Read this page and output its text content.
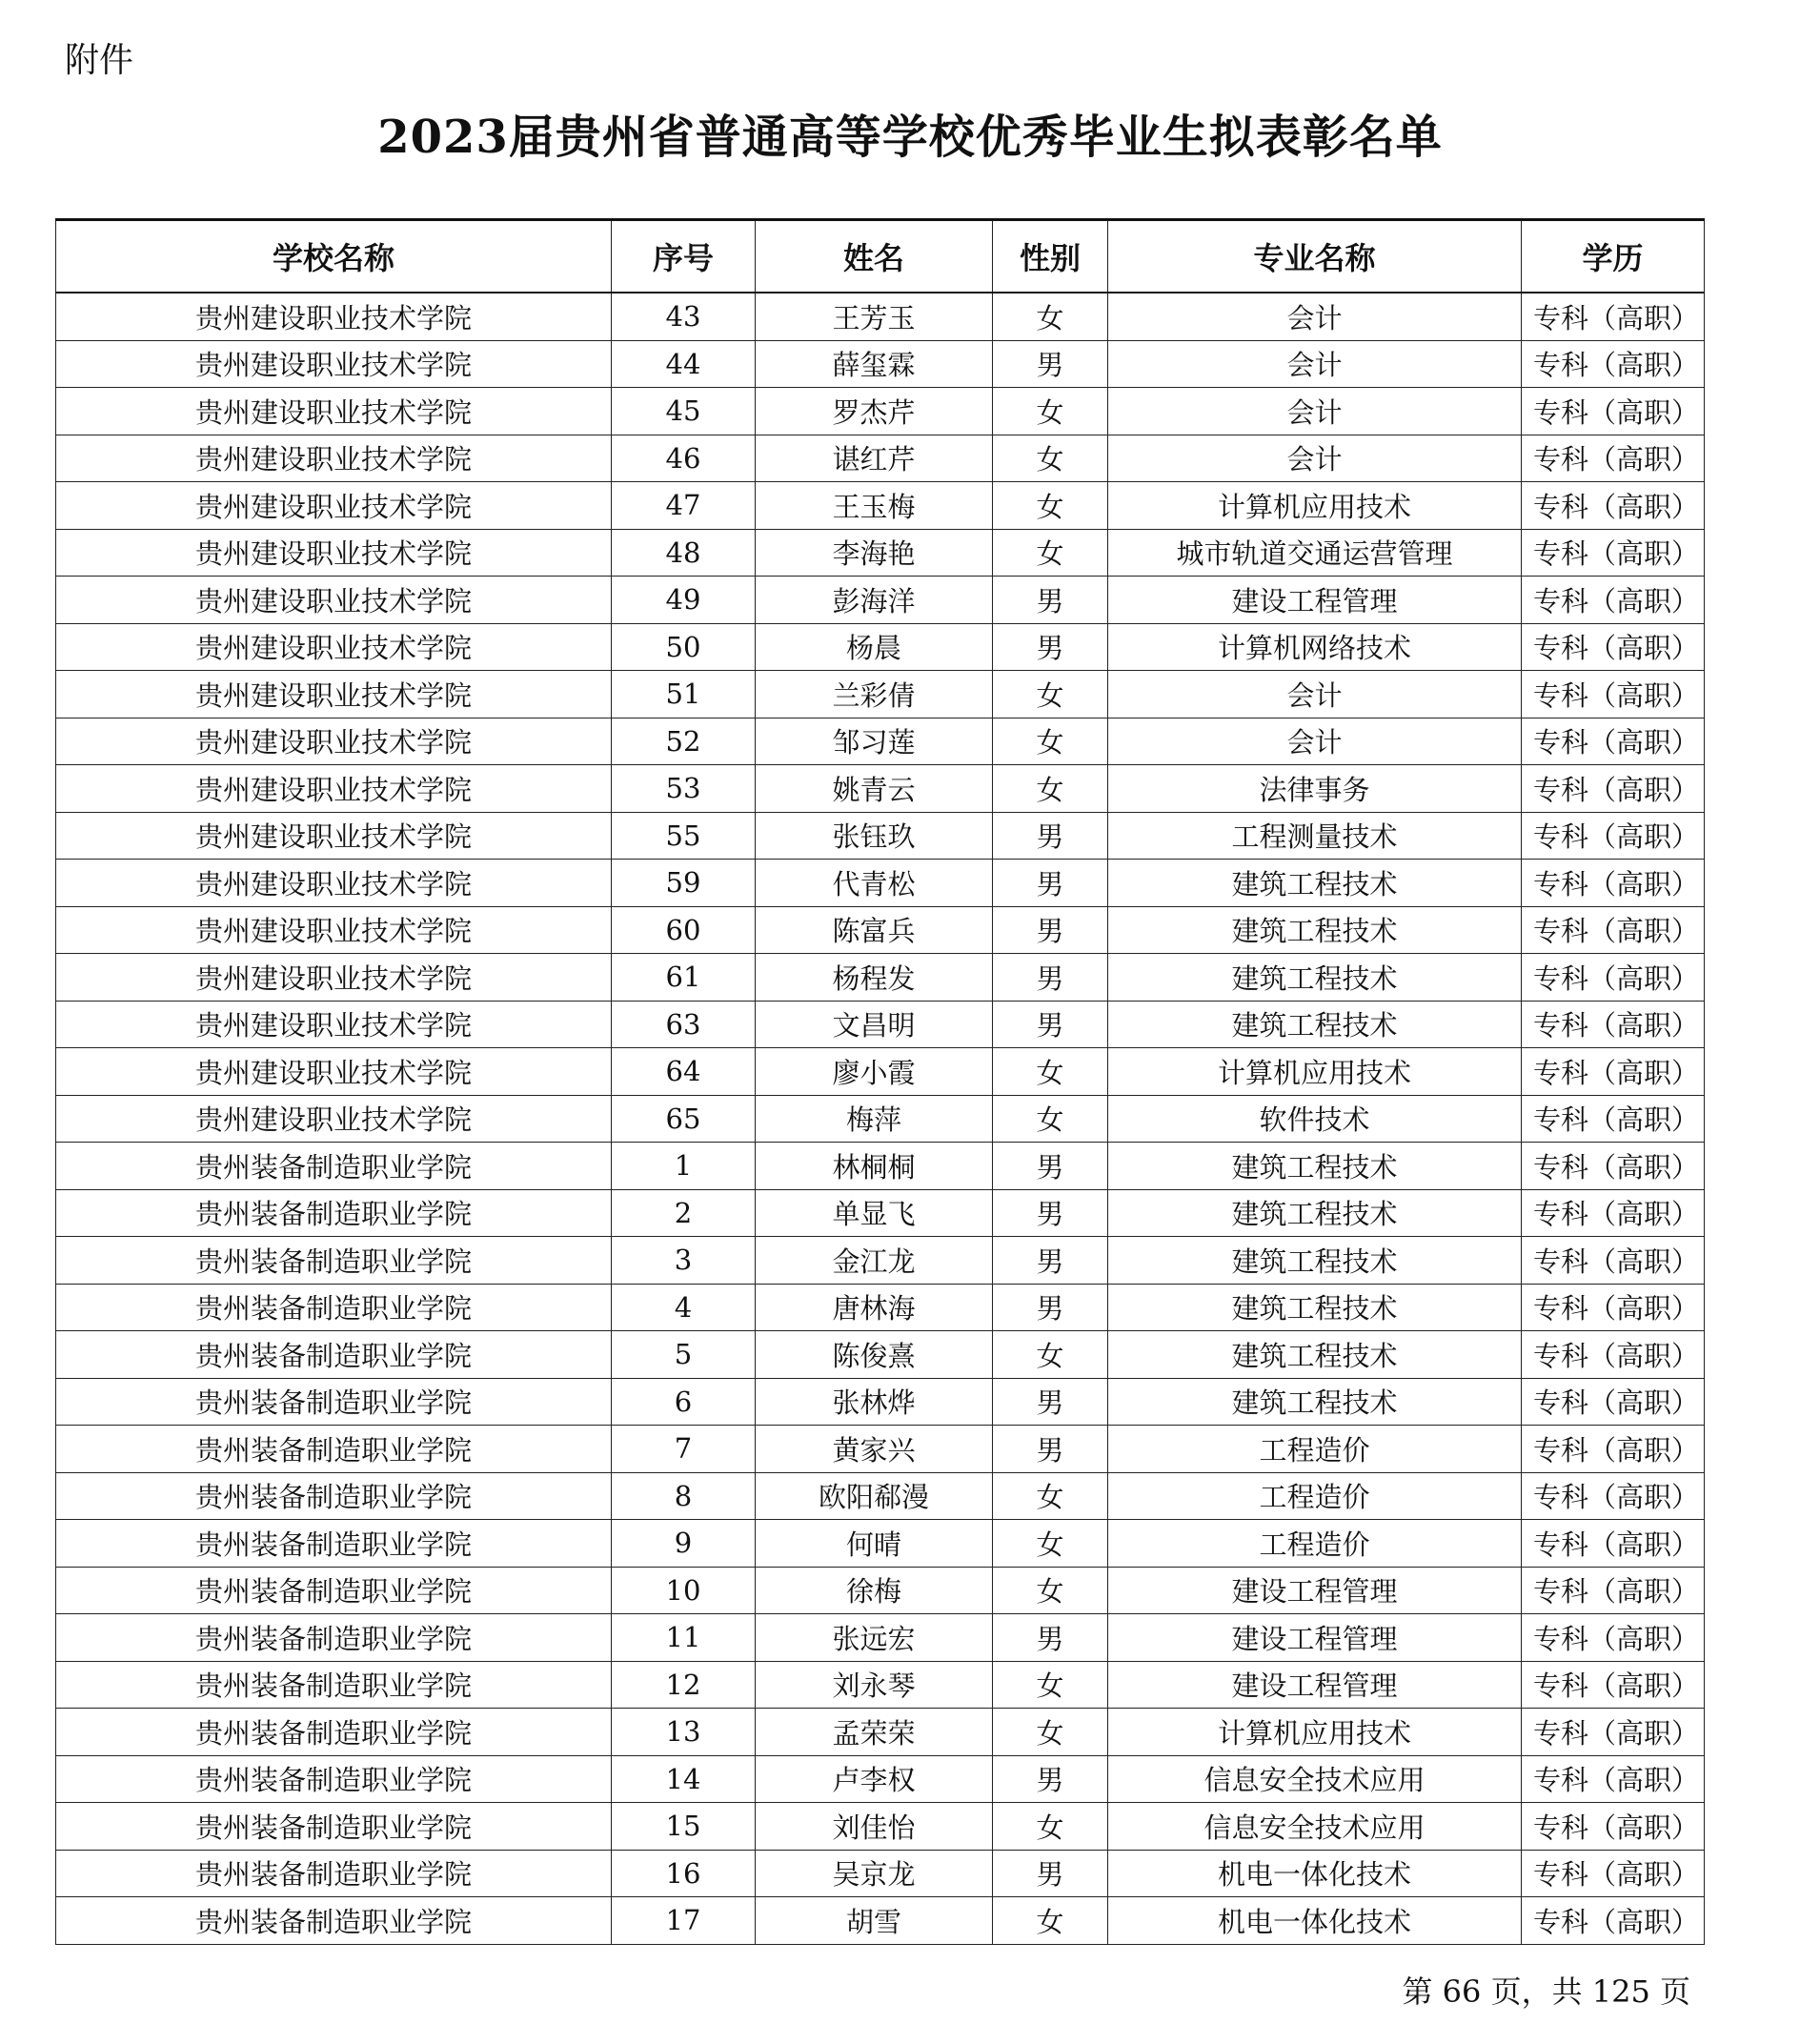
附件
2023届贵州省普通高等学校优秀毕业生拟表彰名单
学校名称	序号	姓名	性别	专业名称	学历
贵州建设职业技术学院	43	王芳玉	女	会计	专科（高职）
贵州建设职业技术学院	44	薛玺霖	男	会计	专科（高职）
贵州建设职业技术学院	45	罗杰芹	女	会计	专科（高职）
贵州建设职业技术学院	46	谌红芹	女	会计	专科（高职）
贵州建设职业技术学院	47	王玉梅	女	计算机应用技术	专科（高职）
贵州建设职业技术学院	48	李海艳	女	城市轨道交通运营管理	专科（高职）
贵州建设职业技术学院	49	彭海洋	男	建设工程管理	专科（高职）
贵州建设职业技术学院	50	杨晨	男	计算机网络技术	专科（高职）
贵州建设职业技术学院	51	兰彩倩	女	会计	专科（高职）
贵州建设职业技术学院	52	邹习莲	女	会计	专科（高职）
贵州建设职业技术学院	53	姚青云	女	法律事务	专科（高职）
贵州建设职业技术学院	55	张钰玖	男	工程测量技术	专科（高职）
贵州建设职业技术学院	59	代青松	男	建筑工程技术	专科（高职）
贵州建设职业技术学院	60	陈富兵	男	建筑工程技术	专科（高职）
贵州建设职业技术学院	61	杨程发	男	建筑工程技术	专科（高职）
贵州建设职业技术学院	63	文昌明	男	建筑工程技术	专科（高职）
贵州建设职业技术学院	64	廖小霞	女	计算机应用技术	专科（高职）
贵州建设职业技术学院	65	梅萍	女	软件技术	专科（高职）
贵州装备制造职业学院	1	林桐桐	男	建筑工程技术	专科（高职）
贵州装备制造职业学院	2	单显飞	男	建筑工程技术	专科（高职）
贵州装备制造职业学院	3	金江龙	男	建筑工程技术	专科（高职）
贵州装备制造职业学院	4	唐林海	男	建筑工程技术	专科（高职）
贵州装备制造职业学院	5	陈俊熹	女	建筑工程技术	专科（高职）
贵州装备制造职业学院	6	张林烨	男	建筑工程技术	专科（高职）
贵州装备制造职业学院	7	黄家兴	男	工程造价	专科（高职）
贵州装备制造职业学院	8	欧阳郗漫	女	工程造价	专科（高职）
贵州装备制造职业学院	9	何晴	女	工程造价	专科（高职）
贵州装备制造职业学院	10	徐梅	女	建设工程管理	专科（高职）
贵州装备制造职业学院	11	张远宏	男	建设工程管理	专科（高职）
贵州装备制造职业学院	12	刘永琴	女	建设工程管理	专科（高职）
贵州装备制造职业学院	13	孟荣荣	女	计算机应用技术	专科（高职）
贵州装备制造职业学院	14	卢李权	男	信息安全技术应用	专科（高职）
贵州装备制造职业学院	15	刘佳怡	女	信息安全技术应用	专科（高职）
贵州装备制造职业学院	16	吴京龙	男	机电一体化技术	专科（高职）
贵州装备制造职业学院	17	胡雪	女	机电一体化技术	专科（高职）
第 66 页，共 125 页
